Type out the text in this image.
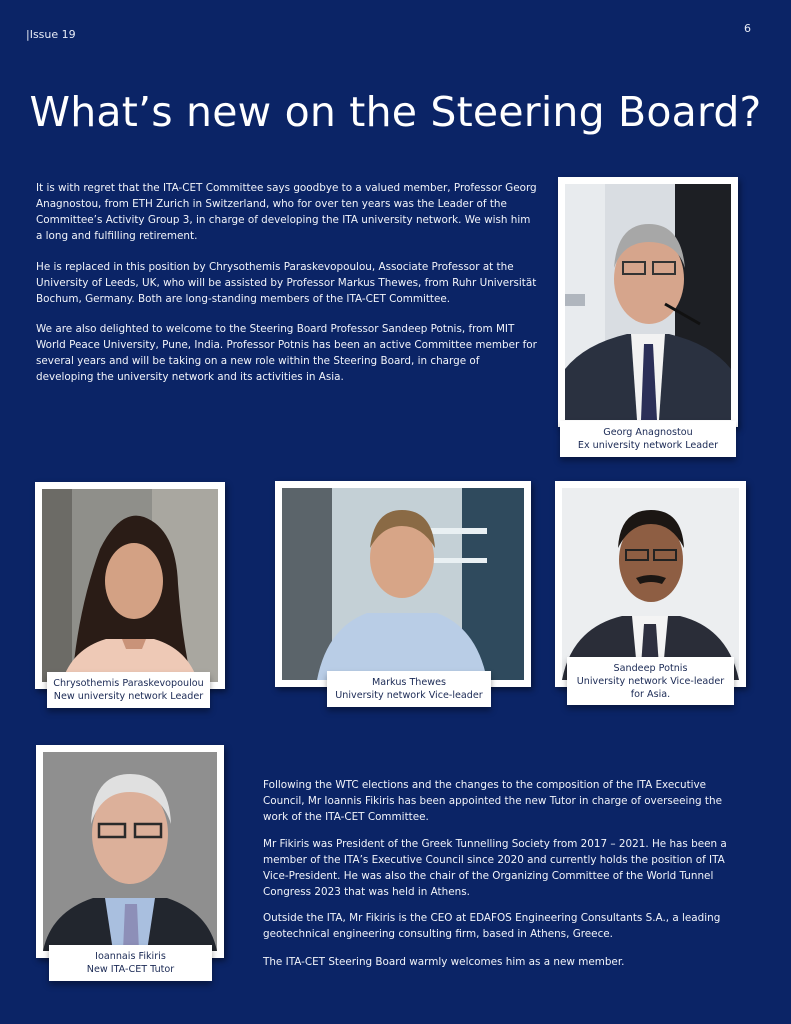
|Issue 19	6
What’s new on the Steering Board?

It is with regret that the ITA-CET Committee says goodbye to a valued member, Professor Georg Anagnostou, from ETH Zurich in Switzerland, who for over ten years was the Leader of the Committee’s Activity Group 3, in charge of developing the ITA university network. We wish him a long and fulfilling retirement.

He is replaced in this position by Chrysothemis Paraskevopoulou, Associate Professor at the University of Leeds, UK, who will be assisted by Professor Markus Thewes, from Ruhr Universität Bochum, Germany. Both are long-standing members of the ITA-CET Committee.

We are also delighted to welcome to the Steering Board Professor Sandeep Potnis, from MIT World Peace University, Pune, India. Professor Potnis has been an active Committee member for several years and will be taking on a new role within the Steering Board, in charge of developing the university network and its activities in Asia.

Georg Anagnostou
Ex university network Leader
Chrysothemis Paraskevopoulou
New university network Leader
Markus Thewes
University network Vice-leader
Sandeep Potnis
University network Vice-leader for Asia.
Ioannais Fikiris
New ITA-CET Tutor

Following the WTC elections and the changes to the composition of the ITA Executive Council, Mr Ioannis Fikiris has been appointed the new Tutor in charge of overseeing the work of the ITA-CET Committee.

Mr Fikiris was President of the Greek Tunnelling Society from 2017 – 2021. He has been a member of the ITA’s Executive Council since 2020 and currently holds the position of ITA Vice-President. He was also the chair of the Organizing Committee of the World Tunnel Congress 2023 that was held in Athens.

Outside the ITA, Mr Fikiris is the CEO at EDAFOS Engineering Consultants S.A., a leading geotechnical engineering consulting firm, based in Athens, Greece.

The ITA-CET Steering Board warmly welcomes him as a new member.
